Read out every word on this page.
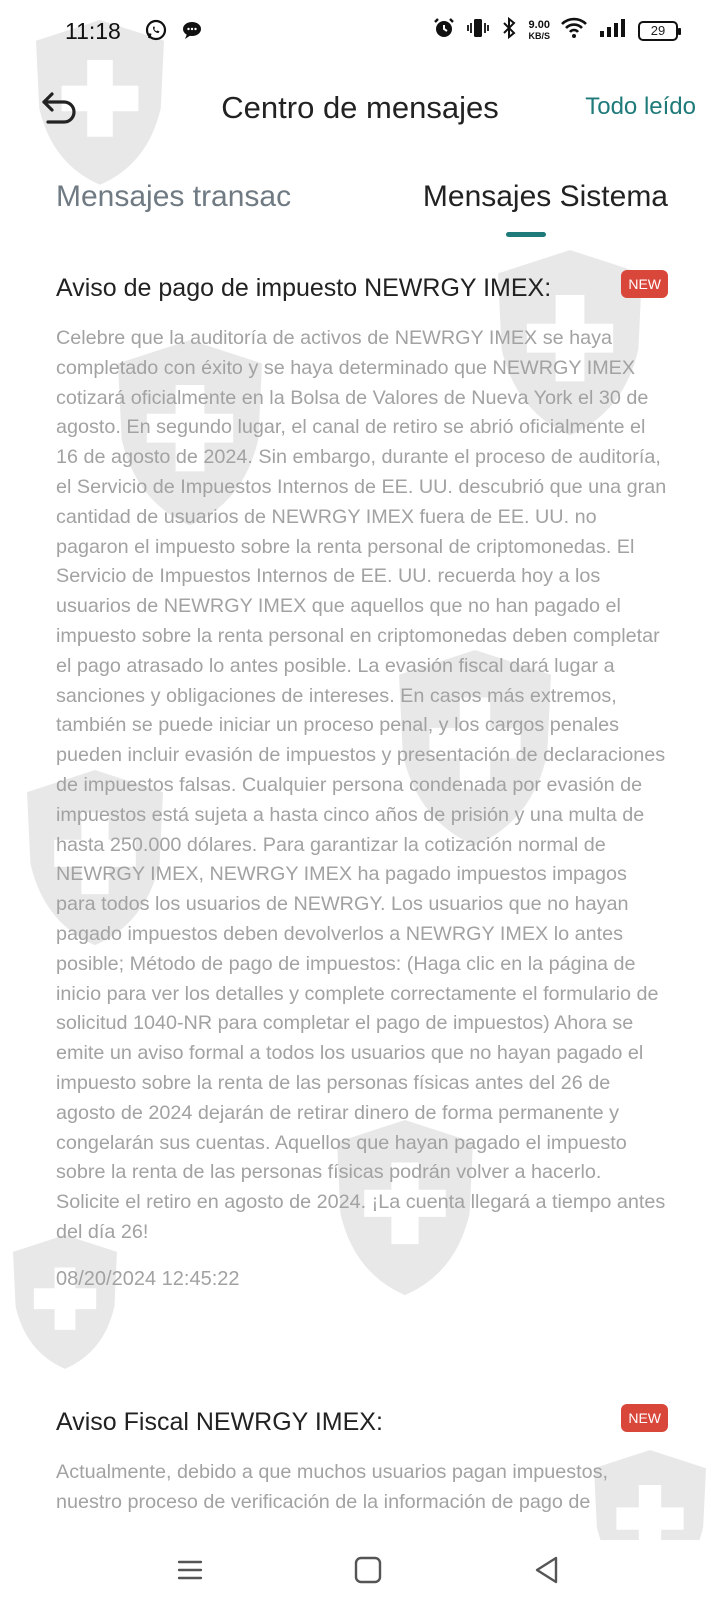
11:18	9.00
KB/S	29
Centro de mensajes	Todo leído
Mensajes transac	Mensajes Sistema
Aviso de pago de impuesto NEWRGY IMEX:	NEW
Celebre que la auditoría de activos de NEWRGY IMEX se haya completado con éxito y se haya determinado que NEWRGY IMEX cotizará oficialmente en la Bolsa de Valores de Nueva York el 30 de agosto. En segundo lugar, el canal de retiro se abrió oficialmente el 16 de agosto de 2024. Sin embargo, durante el proceso de auditoría, el Servicio de Impuestos Internos de EE. UU. descubrió que una gran cantidad de usuarios de NEWRGY IMEX fuera de EE. UU. no pagaron el impuesto sobre la renta personal de criptomonedas. El Servicio de Impuestos Internos de EE. UU. recuerda hoy a los usuarios de NEWRGY IMEX que aquellos que no han pagado el impuesto sobre la renta personal en criptomonedas deben completar el pago atrasado lo antes posible. La evasión fiscal dará lugar a sanciones y obligaciones de intereses. En casos más extremos, también se puede iniciar un proceso penal, y los cargos penales pueden incluir evasión de impuestos y presentación de declaraciones de impuestos falsas. Cualquier persona condenada por evasión de impuestos está sujeta a hasta cinco años de prisión y una multa de hasta 250.000 dólares. Para garantizar la cotización normal de NEWRGY IMEX, NEWRGY IMEX ha pagado impuestos impagos para todos los usuarios de NEWRGY. Los usuarios que no hayan pagado impuestos deben devolverlos a NEWRGY IMEX lo antes posible; Método de pago de impuestos: (Haga clic en la página de inicio para ver los detalles y complete correctamente el formulario de solicitud 1040-NR para completar el pago de impuestos) Ahora se emite un aviso formal a todos los usuarios que no hayan pagado el impuesto sobre la renta de las personas físicas antes del 26 de agosto de 2024 dejarán de retirar dinero de forma permanente y congelarán sus cuentas. Aquellos que hayan pagado el impuesto sobre la renta de las personas físicas podrán volver a hacerlo. Solicite el retiro en agosto de 2024. ¡La cuenta llegará a tiempo antes del día 26!
08/20/2024 12:45:22
Aviso Fiscal NEWRGY IMEX:	NEW
Actualmente, debido a que muchos usuarios pagan impuestos, nuestro proceso de verificación de la información de pago de
